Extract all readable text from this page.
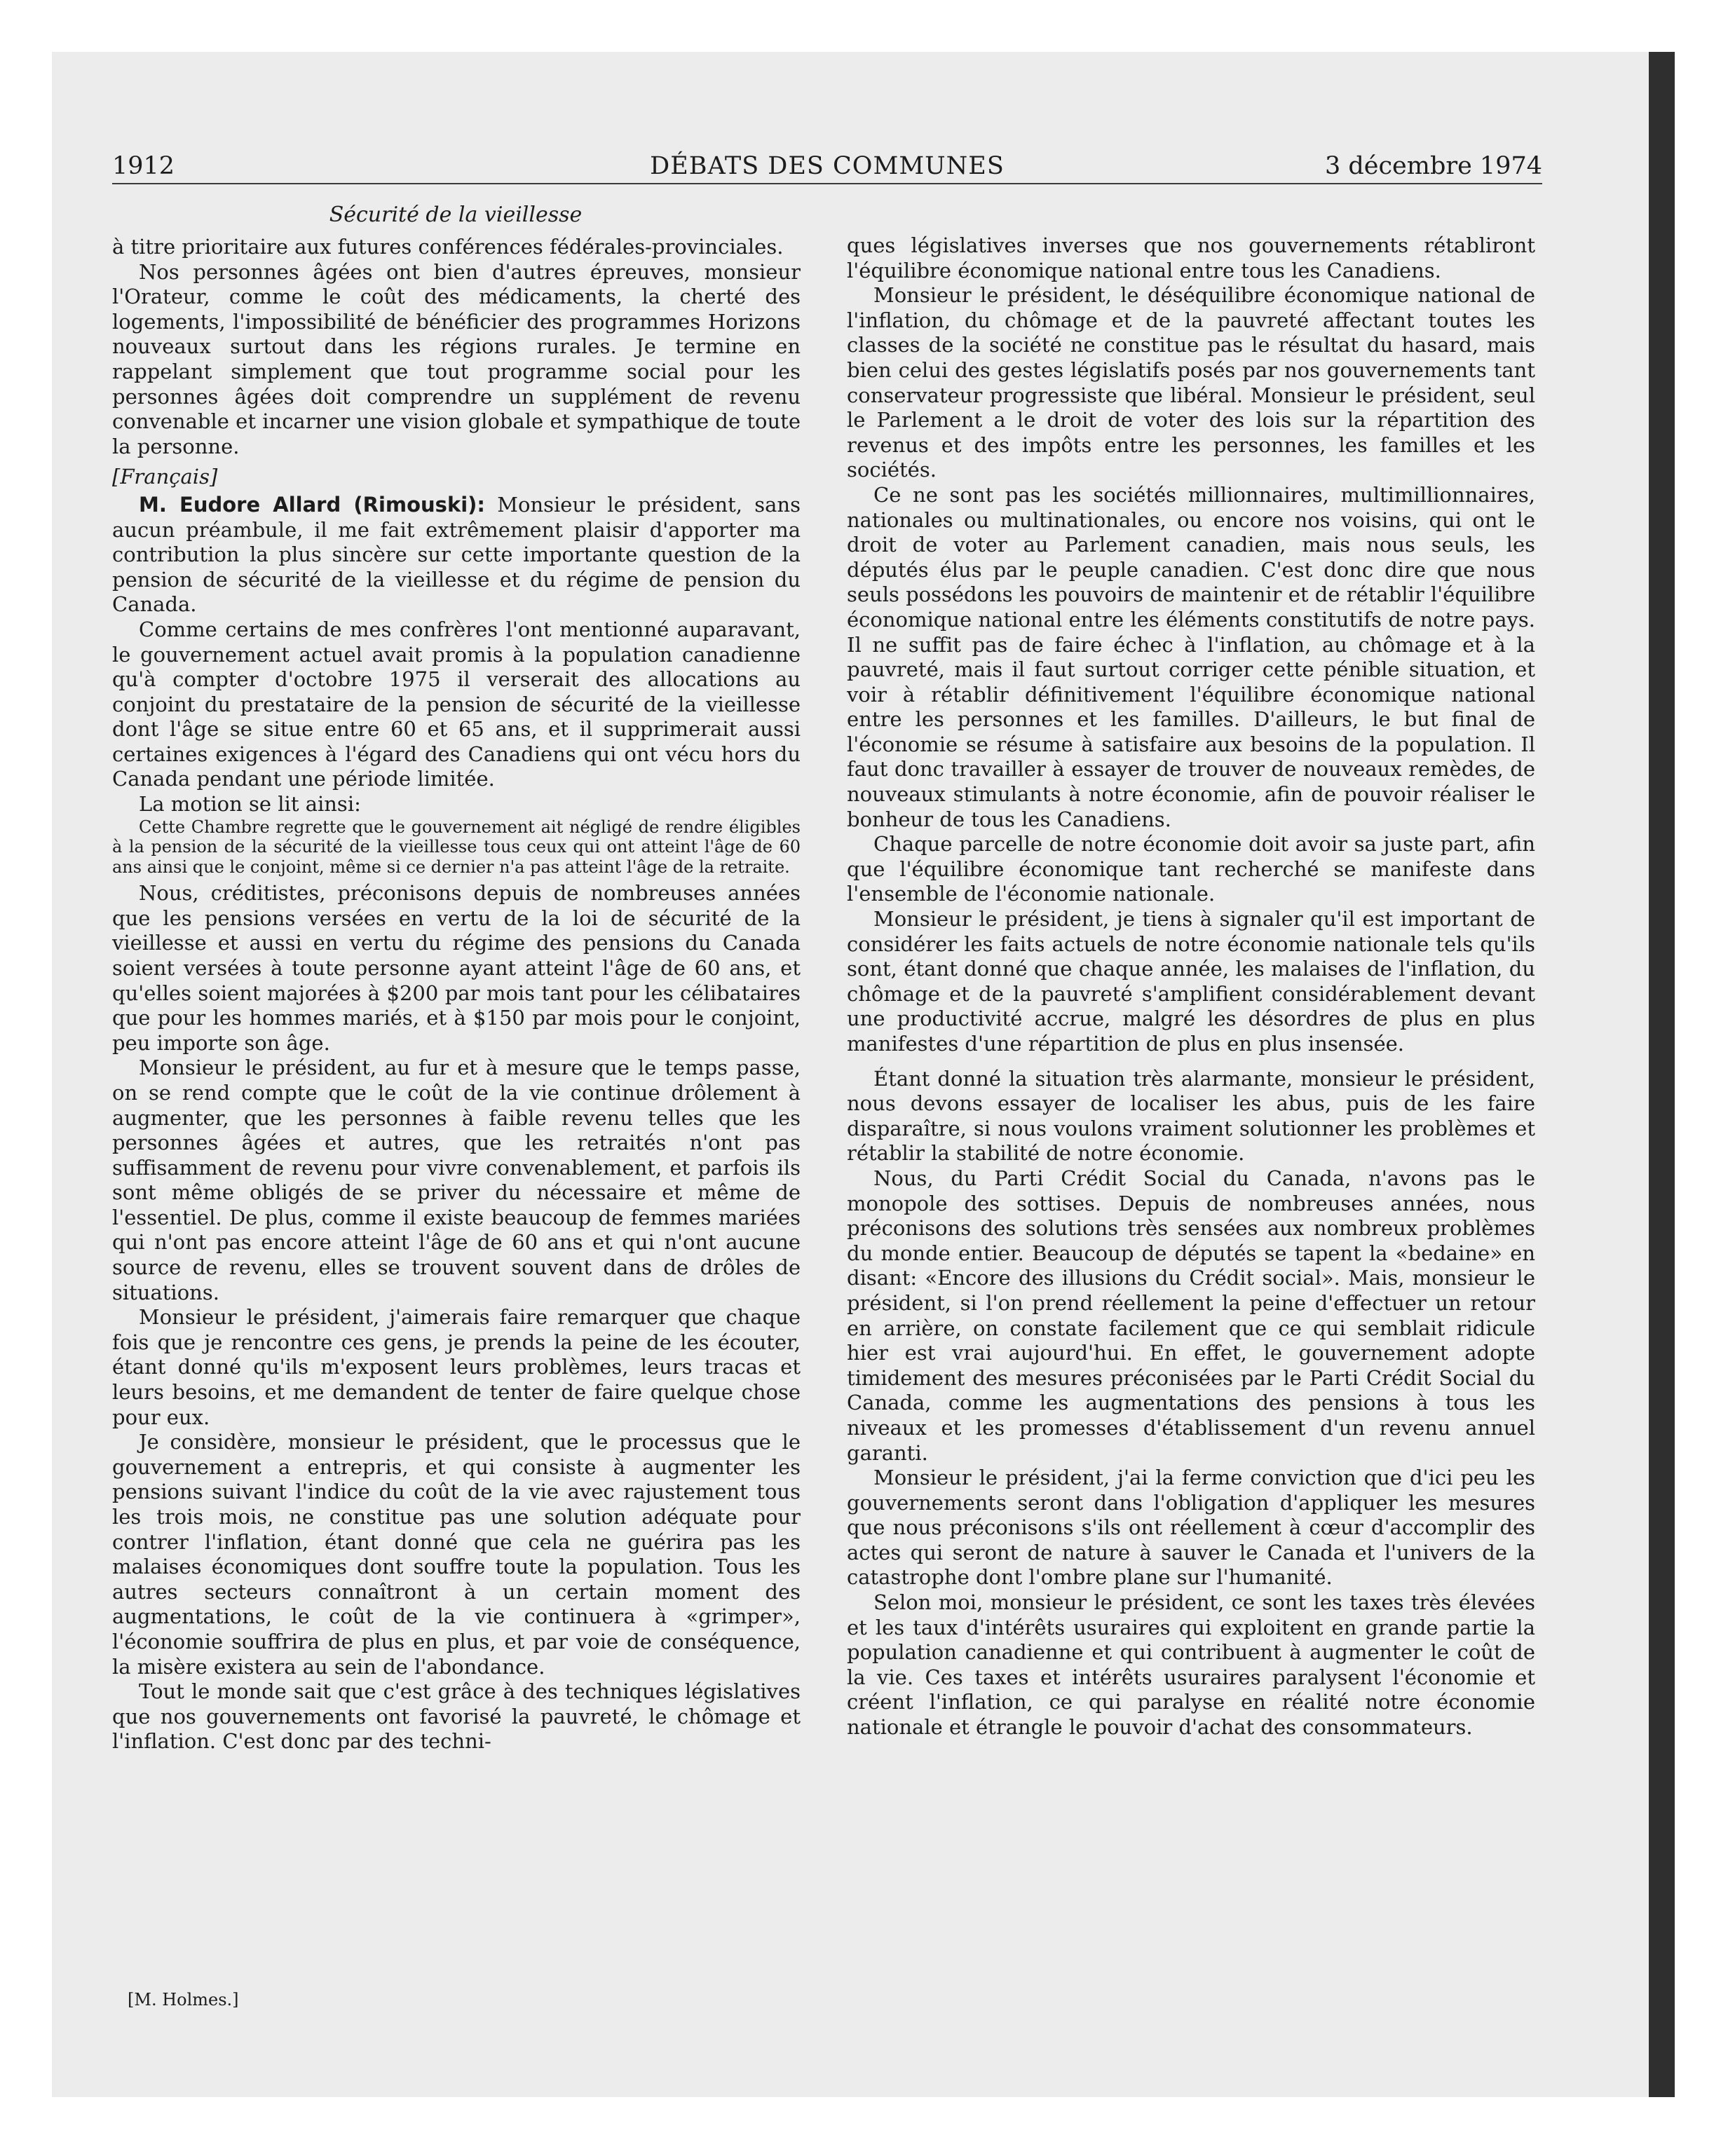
1912	DÉBATS DES COMMUNES	3 décembre 1974
Sécurité de la vieillesse

à titre prioritaire aux futures conférences fédérales-provinciales.

Nos personnes âgées ont bien d'autres épreuves, monsieur l'Orateur, comme le coût des médicaments, la cherté des logements, l'impossibilité de bénéficier des programmes Horizons nouveaux surtout dans les régions rurales. Je termine en rappelant simplement que tout programme social pour les personnes âgées doit comprendre un supplément de revenu convenable et incarner une vision globale et sympathique de toute la personne.

[Français]

M. Eudore Allard (Rimouski): Monsieur le président, sans aucun préambule, il me fait extrêmement plaisir d'apporter ma contribution la plus sincère sur cette importante question de la pension de sécurité de la vieillesse et du régime de pension du Canada.

Comme certains de mes confrères l'ont mentionné auparavant, le gouvernement actuel avait promis à la population canadienne qu'à compter d'octobre 1975 il verserait des allocations au conjoint du prestataire de la pension de sécurité de la vieillesse dont l'âge se situe entre 60 et 65 ans, et il supprimerait aussi certaines exigences à l'égard des Canadiens qui ont vécu hors du Canada pendant une période limitée.

La motion se lit ainsi:

Cette Chambre regrette que le gouvernement ait négligé de rendre éligibles à la pension de la sécurité de la vieillesse tous ceux qui ont atteint l'âge de 60 ans ainsi que le conjoint, même si ce dernier n'a pas atteint l'âge de la retraite.

Nous, créditistes, préconisons depuis de nombreuses années que les pensions versées en vertu de la loi de sécurité de la vieillesse et aussi en vertu du régime des pensions du Canada soient versées à toute personne ayant atteint l'âge de 60 ans, et qu'elles soient majorées à $200 par mois tant pour les célibataires que pour les hommes mariés, et à $150 par mois pour le conjoint, peu importe son âge.

Monsieur le président, au fur et à mesure que le temps passe, on se rend compte que le coût de la vie continue drôlement à augmenter, que les personnes à faible revenu telles que les personnes âgées et autres, que les retraités n'ont pas suffisamment de revenu pour vivre convenablement, et parfois ils sont même obligés de se priver du nécessaire et même de l'essentiel. De plus, comme il existe beaucoup de femmes mariées qui n'ont pas encore atteint l'âge de 60 ans et qui n'ont aucune source de revenu, elles se trouvent souvent dans de drôles de situations.

Monsieur le président, j'aimerais faire remarquer que chaque fois que je rencontre ces gens, je prends la peine de les écouter, étant donné qu'ils m'exposent leurs problèmes, leurs tracas et leurs besoins, et me demandent de tenter de faire quelque chose pour eux.

Je considère, monsieur le président, que le processus que le gouvernement a entrepris, et qui consiste à augmenter les pensions suivant l'indice du coût de la vie avec rajustement tous les trois mois, ne constitue pas une solution adéquate pour contrer l'inflation, étant donné que cela ne guérira pas les malaises économiques dont souffre toute la population. Tous les autres secteurs connaîtront à un certain moment des augmentations, le coût de la vie continuera à «grimper», l'économie souffrira de plus en plus, et par voie de conséquence, la misère existera au sein de l'abondance.

Tout le monde sait que c'est grâce à des techniques législatives que nos gouvernements ont favorisé la pauvreté, le chômage et l'inflation. C'est donc par des techni-

ques législatives inverses que nos gouvernements rétabliront l'équilibre économique national entre tous les Canadiens.

Monsieur le président, le déséquilibre économique national de l'inflation, du chômage et de la pauvreté affectant toutes les classes de la société ne constitue pas le résultat du hasard, mais bien celui des gestes législatifs posés par nos gouvernements tant conservateur progressiste que libéral. Monsieur le président, seul le Parlement a le droit de voter des lois sur la répartition des revenus et des impôts entre les personnes, les familles et les sociétés.

Ce ne sont pas les sociétés millionnaires, multimillionnaires, nationales ou multinationales, ou encore nos voisins, qui ont le droit de voter au Parlement canadien, mais nous seuls, les députés élus par le peuple canadien. C'est donc dire que nous seuls possédons les pouvoirs de maintenir et de rétablir l'équilibre économique national entre les éléments constitutifs de notre pays. Il ne suffit pas de faire échec à l'inflation, au chômage et à la pauvreté, mais il faut surtout corriger cette pénible situation, et voir à rétablir définitivement l'équilibre économique national entre les personnes et les familles. D'ailleurs, le but final de l'économie se résume à satisfaire aux besoins de la population. Il faut donc travailler à essayer de trouver de nouveaux remèdes, de nouveaux stimulants à notre économie, afin de pouvoir réaliser le bonheur de tous les Canadiens.

Chaque parcelle de notre économie doit avoir sa juste part, afin que l'équilibre économique tant recherché se manifeste dans l'ensemble de l'économie nationale.

Monsieur le président, je tiens à signaler qu'il est important de considérer les faits actuels de notre économie nationale tels qu'ils sont, étant donné que chaque année, les malaises de l'inflation, du chômage et de la pauvreté s'amplifient considérablement devant une productivité accrue, malgré les désordres de plus en plus manifestes d'une répartition de plus en plus insensée.

Étant donné la situation très alarmante, monsieur le président, nous devons essayer de localiser les abus, puis de les faire disparaître, si nous voulons vraiment solutionner les problèmes et rétablir la stabilité de notre économie.

Nous, du Parti Crédit Social du Canada, n'avons pas le monopole des sottises. Depuis de nombreuses années, nous préconisons des solutions très sensées aux nombreux problèmes du monde entier. Beaucoup de députés se tapent la «bedaine» en disant: «Encore des illusions du Crédit social». Mais, monsieur le président, si l'on prend réellement la peine d'effectuer un retour en arrière, on constate facilement que ce qui semblait ridicule hier est vrai aujourd'hui. En effet, le gouvernement adopte timidement des mesures préconisées par le Parti Crédit Social du Canada, comme les augmentations des pensions à tous les niveaux et les promesses d'établissement d'un revenu annuel garanti.

Monsieur le président, j'ai la ferme conviction que d'ici peu les gouvernements seront dans l'obligation d'appliquer les mesures que nous préconisons s'ils ont réellement à cœur d'accomplir des actes qui seront de nature à sauver le Canada et l'univers de la catastrophe dont l'ombre plane sur l'humanité.

Selon moi, monsieur le président, ce sont les taxes très élevées et les taux d'intérêts usuraires qui exploitent en grande partie la population canadienne et qui contribuent à augmenter le coût de la vie. Ces taxes et intérêts usuraires paralysent l'économie et créent l'inflation, ce qui paralyse en réalité notre économie nationale et étrangle le pouvoir d'achat des consommateurs.

[M. Holmes.]
